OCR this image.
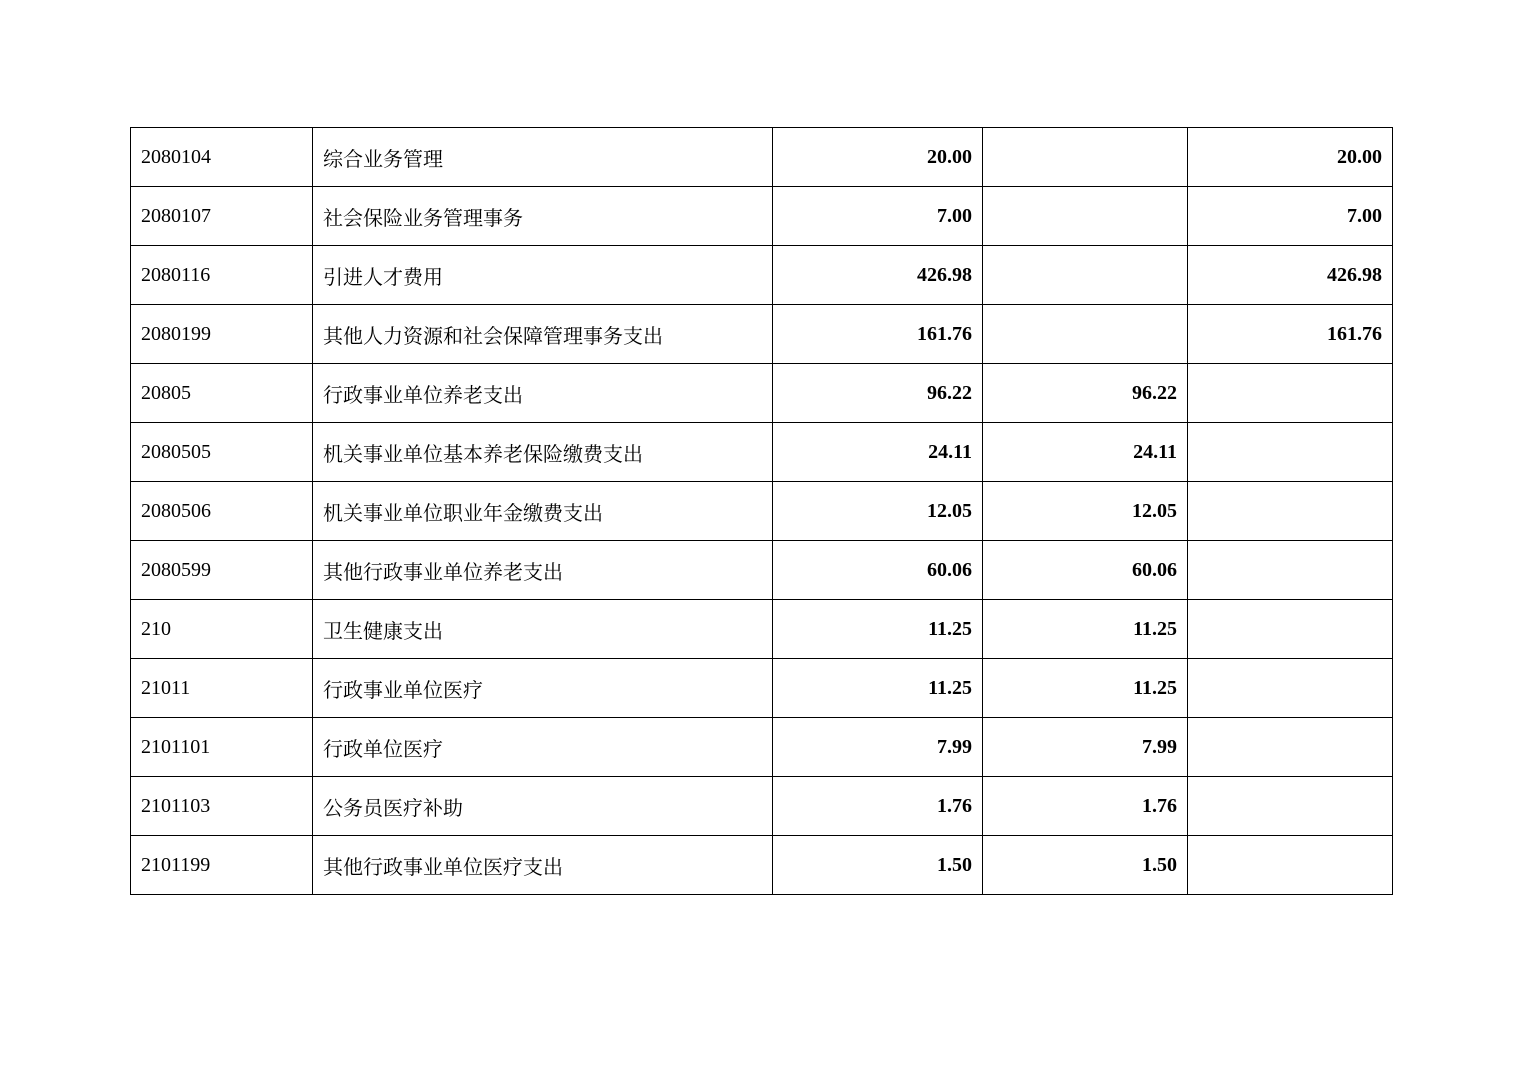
2080104	综合业务管理	20.00		20.00
2080107	社会保险业务管理事务	7.00		7.00
2080116	引进人才费用	426.98		426.98
2080199	其他人力资源和社会保障管理事务支出	161.76		161.76
20805	行政事业单位养老支出	96.22	96.22	
2080505	机关事业单位基本养老保险缴费支出	24.11	24.11	
2080506	机关事业单位职业年金缴费支出	12.05	12.05	
2080599	其他行政事业单位养老支出	60.06	60.06	
210	卫生健康支出	11.25	11.25	
21011	行政事业单位医疗	11.25	11.25	
2101101	行政单位医疗	7.99	7.99	
2101103	公务员医疗补助	1.76	1.76	
2101199	其他行政事业单位医疗支出	1.50	1.50	
